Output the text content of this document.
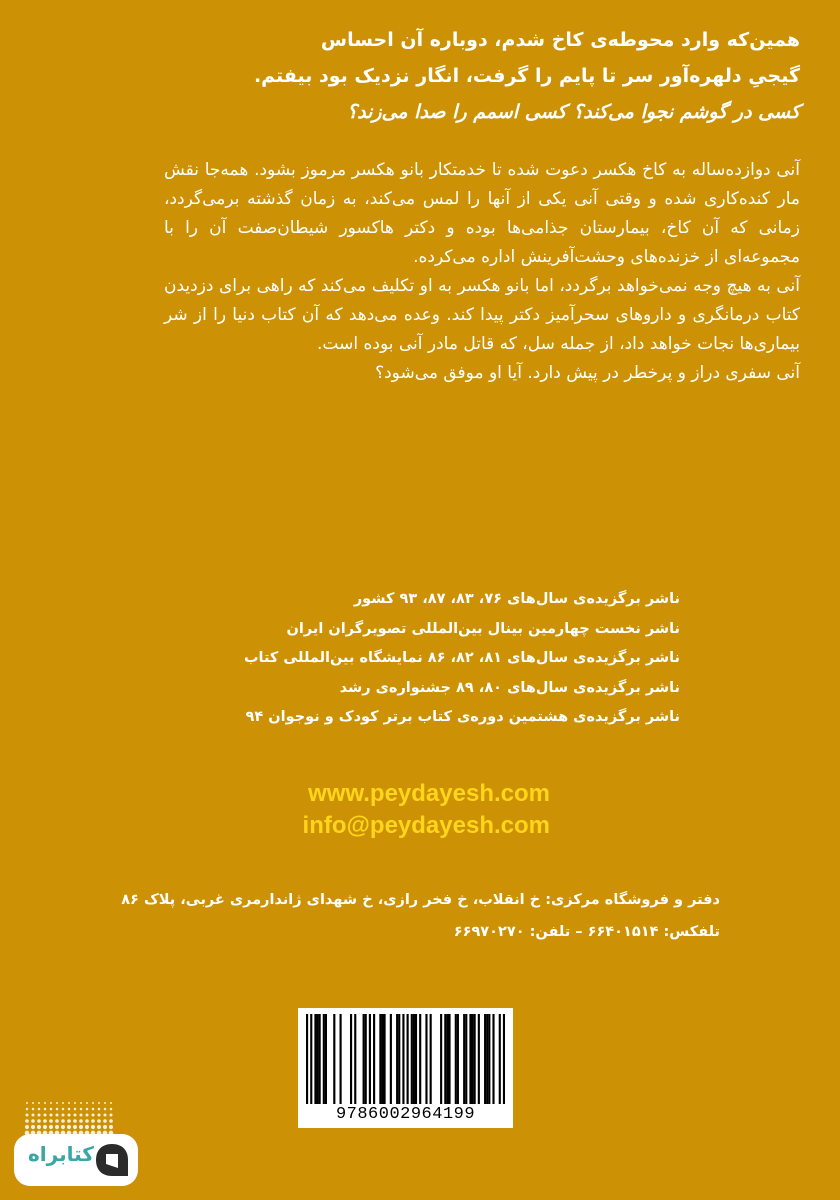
همین‌که وارد محوطه‌ی کاخ شدم، دوباره آن احساس
گیجیِ دلهره‌آور سر تا پایم را گرفت، انگار نزدیک بود بیفتم.
کسی در گوشم نجوا می‌کند؟ کسی اسمم را صدا می‌زند؟

آنی دوازده‌ساله به کاخ هکسر دعوت شده تا خدمتکار بانو هکسر مرموز بشود. همه‌جا نقش مار کنده‌کاری شده و وقتی آنی یکی از آنها را لمس می‌کند، به زمان گذشته برمی‌گردد، زمانی که آن کاخ، بیمارستان جذامی‌ها بوده و دکتر هاکسور شیطان‌صفت آن را با مجموعه‌ای از خزنده‌های وحشت‌آفرینش اداره می‌کرده.

آنی به هیچ وجه نمی‌خواهد برگردد، اما بانو هکسر به او تکلیف می‌کند که راهی برای دزدیدن کتاب درمانگری و داروهای سحرآمیز دکتر پیدا کند. وعده می‌دهد که آن کتاب دنیا را از شر بیماری‌ها نجات خواهد داد، از جمله سل، که قاتل مادر آنی بوده است.

آنی سفری دراز و پرخطر در پیش دارد. آیا او موفق می‌شود؟

ناشر برگزیده‌ی سال‌های ۷۶، ۸۳، ۸۷، ۹۳ کشور
ناشر نخست چهارمین بینال بین‌المللی تصویرگران ایران
ناشر برگزیده‌ی سال‌های ۸۱، ۸۲، ۸۶ نمایشگاه بین‌المللی کتاب
ناشر برگزیده‌ی سال‌های ۸۰، ۸۹ جشنواره‌ی رشد
ناشر برگزیده‌ی هشتمین دوره‌ی کتاب برتر کودک و نوجوان ۹۴
www.peydayesh.com
info@peydayesh.com
دفتر و فروشگاه مرکزی: خ انقلاب، خ فخر رازی، خ شهدای ژاندارمری غربی، پلاک ۸۶
تلفکس: ۶۶۴۰۱۵۱۴ – تلفن: ۶۶۹۷۰۲۷۰
9786002964199
کتابراه
